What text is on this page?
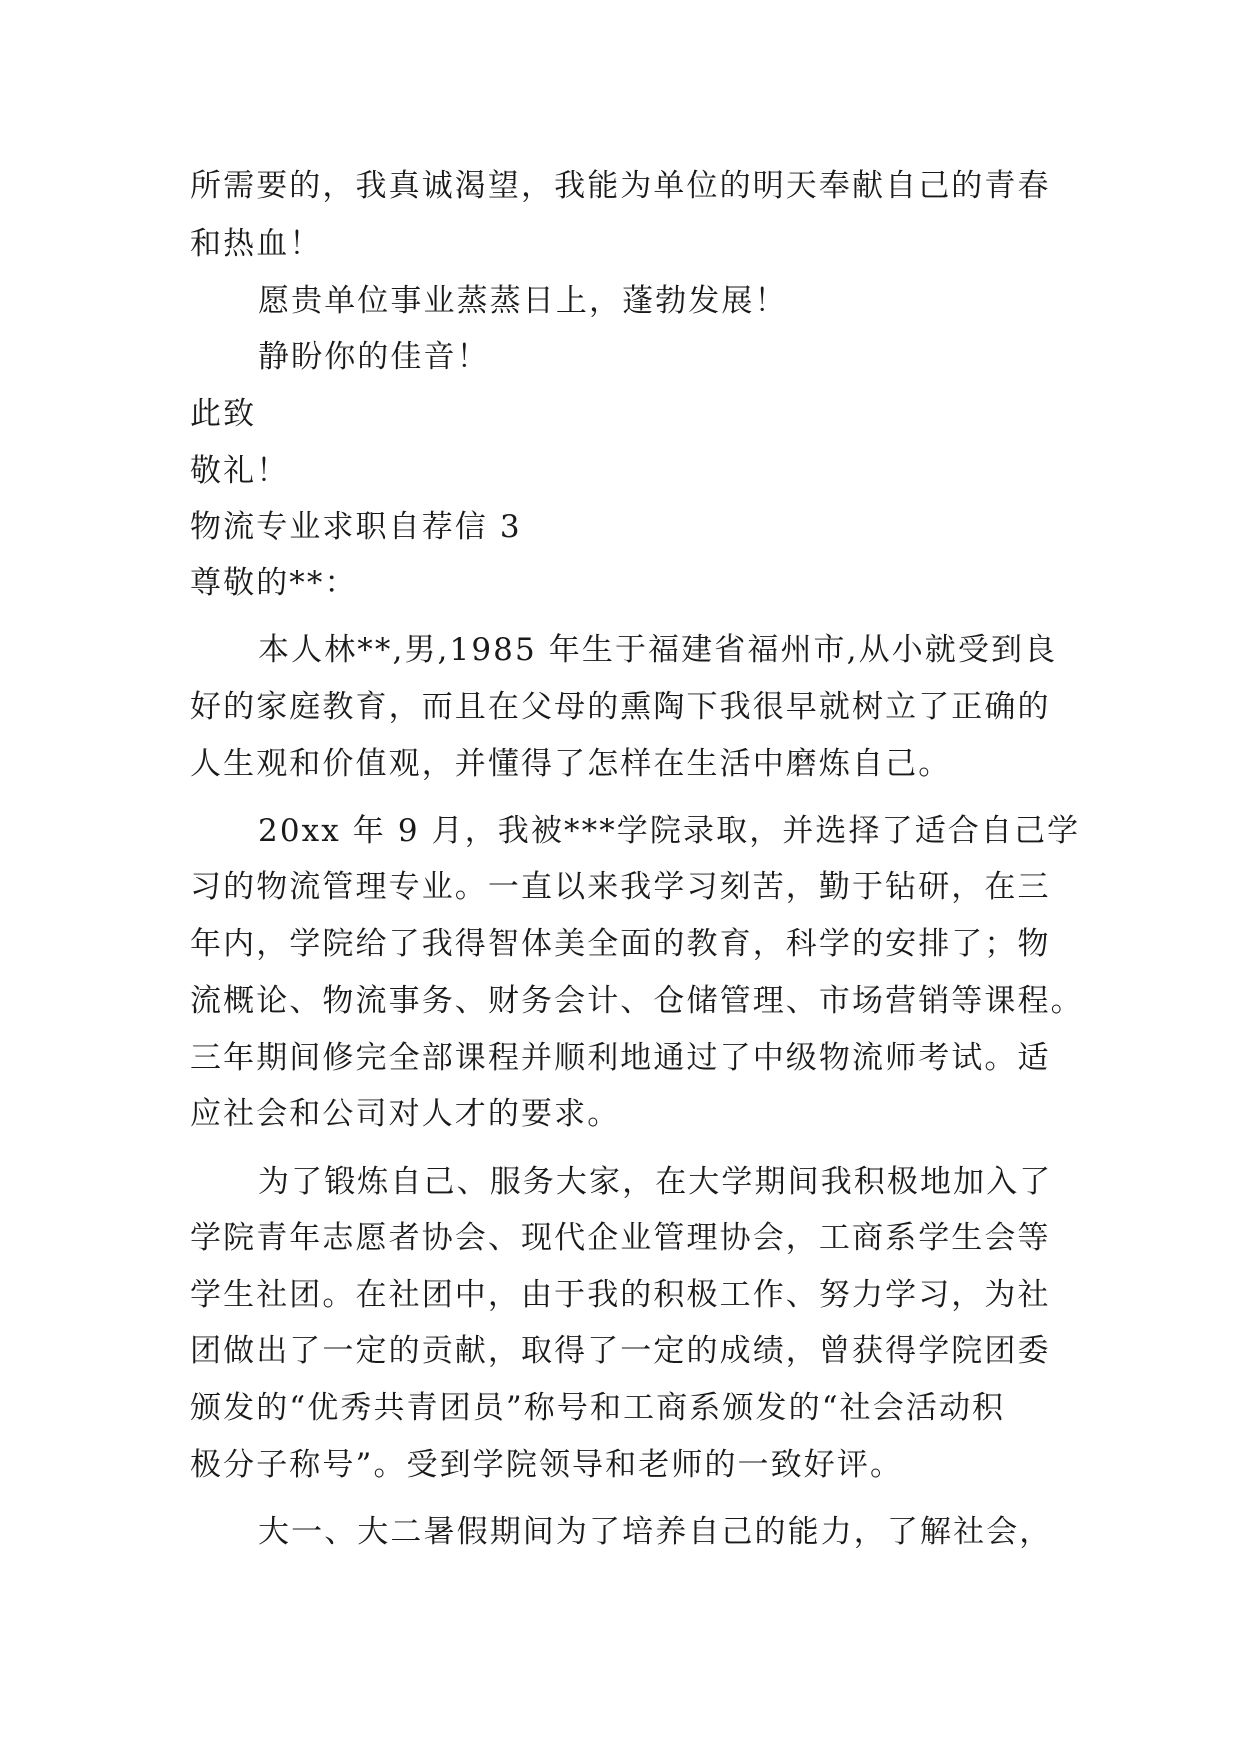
所需要的，我真诚渴望，我能为单位的明天奉献自己的青春
和热血！
愿贵单位事业蒸蒸日上，蓬勃发展！
静盼你的佳音！
此致
敬礼！
物流专业求职自荐信 3
尊敬的**：
本人林**,男,1985 年生于福建省福州市,从小就受到良
好的家庭教育，而且在父母的熏陶下我很早就树立了正确的
人生观和价值观，并懂得了怎样在生活中磨炼自己。
20xx 年 9 月，我被***学院录取，并选择了适合自己学
习的物流管理专业。一直以来我学习刻苦，勤于钻研，在三
年内，学院给了我得智体美全面的教育，科学的安排了；物
流概论、物流事务、财务会计、仓储管理、市场营销等课程。
三年期间修完全部课程并顺利地通过了中级物流师考试。适
应社会和公司对人才的要求。
为了锻炼自己、服务大家，在大学期间我积极地加入了
学院青年志愿者协会、现代企业管理协会，工商系学生会等
学生社团。在社团中，由于我的积极工作、努力学习，为社
团做出了一定的贡献，取得了一定的成绩，曾获得学院团委
颁发的“优秀共青团员”称号和工商系颁发的“社会活动积
极分子称号”。受到学院领导和老师的一致好评。
大一、大二暑假期间为了培养自己的能力，了解社会，
